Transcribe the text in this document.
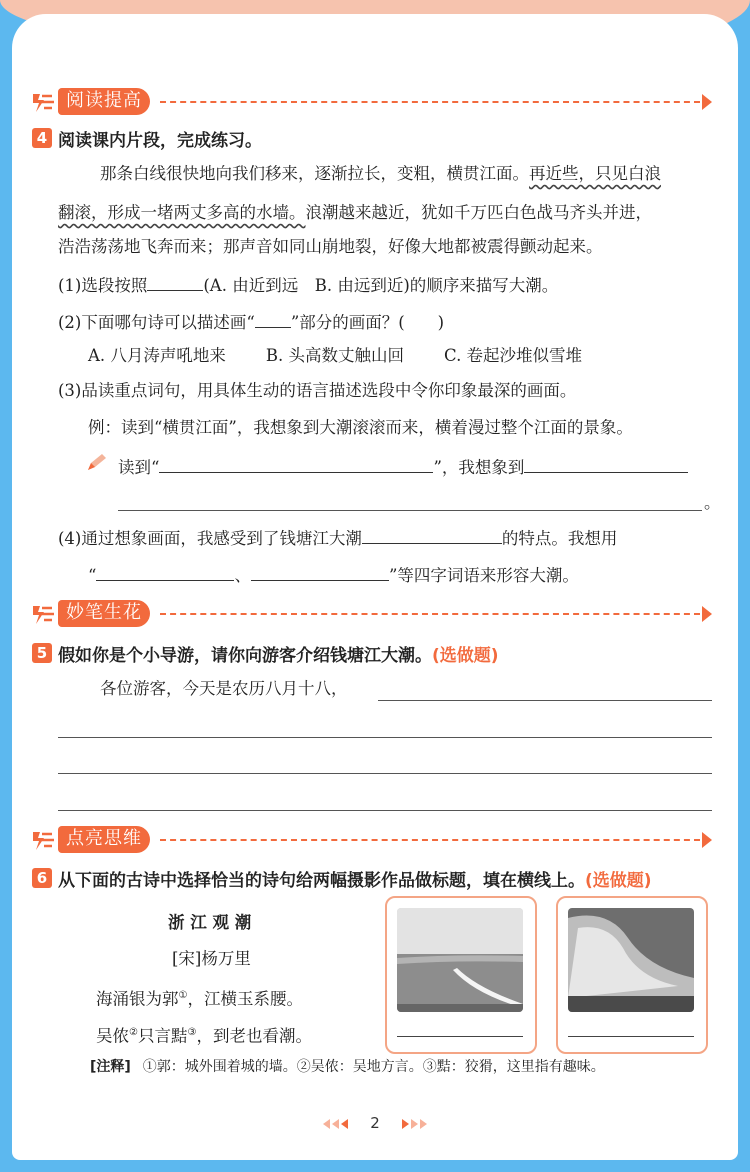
阅读提高
4 阅读课内片段，完成练习。
那条白线很快地向我们移来，逐渐拉长，变粗，横贯江面。再近些，只见白浪
翻滚，形成一堵两丈多高的水墙。浪潮越来越近，犹如千万匹白色战马齐头并进，
浩浩荡荡地飞奔而来；那声音如同山崩地裂，好像大地都被震得颤动起来。
(1)选段按照	(A. 由近到远　B. 由远到近)的顺序来描写大潮。
(2)下面哪句诗可以描述画“ ”部分的画面？(　　)
A. 八月涛声吼地来 B. 头高数丈触山回 C. 卷起沙堆似雪堆
(3)品读重点词句，用具体生动的语言描述选段中令你印象最深的画面。
例：读到“横贯江面”，我想象到大潮滚滚而来，横着漫过整个江面的景象。
读到“	”，我想象到
。
(4)通过想象画面，我感受到了钱塘江大潮	的特点。我想用
“	、	”等四字词语来形容大潮。
妙笔生花
5 假如你是个小导游，请你向游客介绍钱塘江大潮。(选做题)
各位游客，今天是农历八月十八，
点亮思维
6 从下面的古诗中选择恰当的诗句给两幅摄影作品做标题，填在横线上。(选做题)
浙 江 观 潮
[宋]杨万里
海涌银为郭①，江横玉系腰。
吴侬②只言黠③，到老也看潮。
[注释] ①郭：城外围着城的墙。②吴侬：吴地方言。③黠：狡猾，这里指有趣味。
2
